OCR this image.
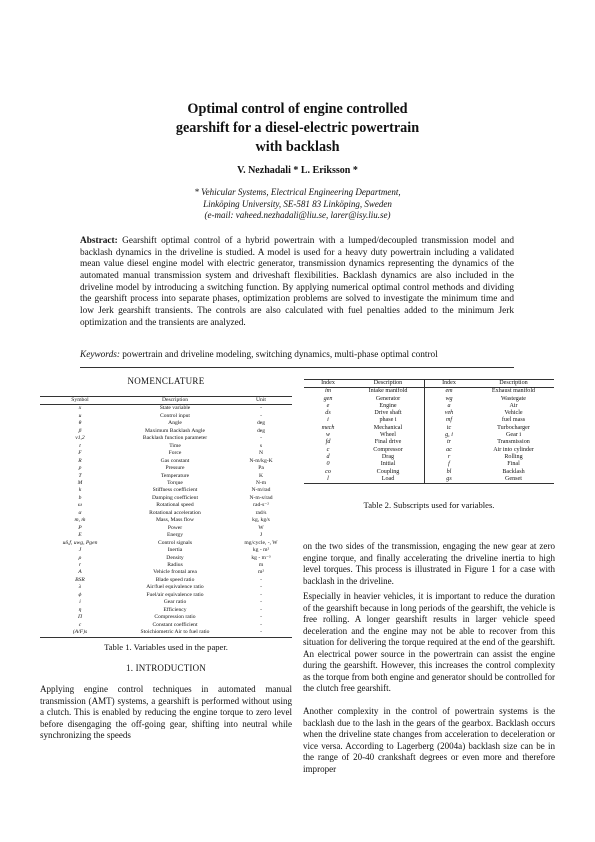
Optimal control of engine controlled
gearshift for a diesel-electric powertrain
with backlash
V. Nezhadali * L. Eriksson *
* Vehicular Systems, Electrical Engineering Department,
Linköping University, SE-581 83 Linköping, Sweden
(e-mail: vaheed.nezhadali@liu.se, larer@isy.liu.se)
Abstract: Gearshift optimal control of a hybrid powertrain with a lumped/decoupled transmission model and backlash dynamics in the driveline is studied. A model is used for a heavy duty powertrain including a validated mean value diesel engine model with electric generator, transmission dynamics representing the dynamics of the automated manual transmission system and driveshaft flexibilities. Backlash dynamics are also included in the driveline model by introducing a switching function. By applying numerical optimal control methods and dividing the gearshift process into separate phases, optimization problems are solved to investigate the minimum time and low Jerk gearshift transients. The controls are also calculated with fuel penalties added to the minimum Jerk optimization and the transients are analyzed.
Keywords: powertrain and driveline modeling, switching dynamics, multi-phase optimal control
NOMENCLATURE
Symbol	Description	Unit
x	State variable	-
u	Control input	-
θ	Angle	deg
β	Maximum Backlash Angle	deg
ν1,2	Backlash function parameter	-
t	Time	s
F	Force	N
R	Gas constant	N-m/kg-K
p	Pressure	Pa
T	Temperature	K
M	Torque	N-m
k	Stiffness coefficient	N-m/rad
b	Damping coefficient	N-m-s/rad
ω	Rotational speed	rad-s⁻²
α	Rotational acceleration	rad/s
m, ṁ	Mass, Mass flow	kg, kg/s
P	Power	W
E	Energy	J
uδ,f, uwg, Pgen	Control signals	mg/cycle, -, W
J	Inertia	kg - m²
ρ	Density	kg - m⁻³
r	Radius	m
A	Vehicle frontal area	m²
BSR	Blade speed ratio	-
λ	Air/fuel equivalence ratio	-
ϕ	Fuel/air equivalence ratio	-
i	Gear ratio	-
η	Efficiency	-
Π	Compression ratio	-
c	Constant coefficient	-
(A/F)s	Stoichiometric Air to fuel ratio	-
Table 1. Variables used in the paper.
1. INTRODUCTION
Applying engine control techniques in automated manual transmission (AMT) systems, a gearshift is performed without using a clutch. This is enabled by reducing the engine torque to zero level before disengaging the off-going gear, shifting into neutral while synchronizing the speeds
Index	Description	Index	Description
im	Intake manifold	em	Exhaust manifold
gen	Generator	wg	Wastegate
e	Engine	a	Air
ds	Drive shaft	veh	Vehicle
i	phase i	mf	fuel mass
mech	Mechanical	tc	Turbocharger
w	Wheel	g, i	Gear i
fd	Final drive	tr	Transmission
c	Compressor	ac	Air into cylinder
d	Drag	r	Rolling
0	Initial	f	Final
co	Coupling	bl	Backlash
l	Load	gs	Genset
Table 2. Subscripts used for variables.
on the two sides of the transmission, engaging the new gear at zero engine torque, and finally accelerating the driveline inertia to high level torques. This process is illustrated in Figure 1 for a case with backlash in the driveline.
Especially in heavier vehicles, it is important to reduce the duration of the gearshift because in long periods of the gearshift, the vehicle is free rolling. A longer gearshift results in larger vehicle speed deceleration and the engine may not be able to recover from this situation for delivering the torque required at the end of the gearshift. An electrical power source in the powertrain can assist the engine during the gearshift. However, this increases the control complexity as the torque from both engine and generator should be controlled for the clutch free gearshift.
Another complexity in the control of powertrain systems is the backlash due to the lash in the gears of the gearbox. Backlash occurs when the driveline state changes from acceleration to deceleration or vice versa. According to Lagerberg (2004a) backlash size can be in the range of 20-40 crankshaft degrees or even more and therefore improper
